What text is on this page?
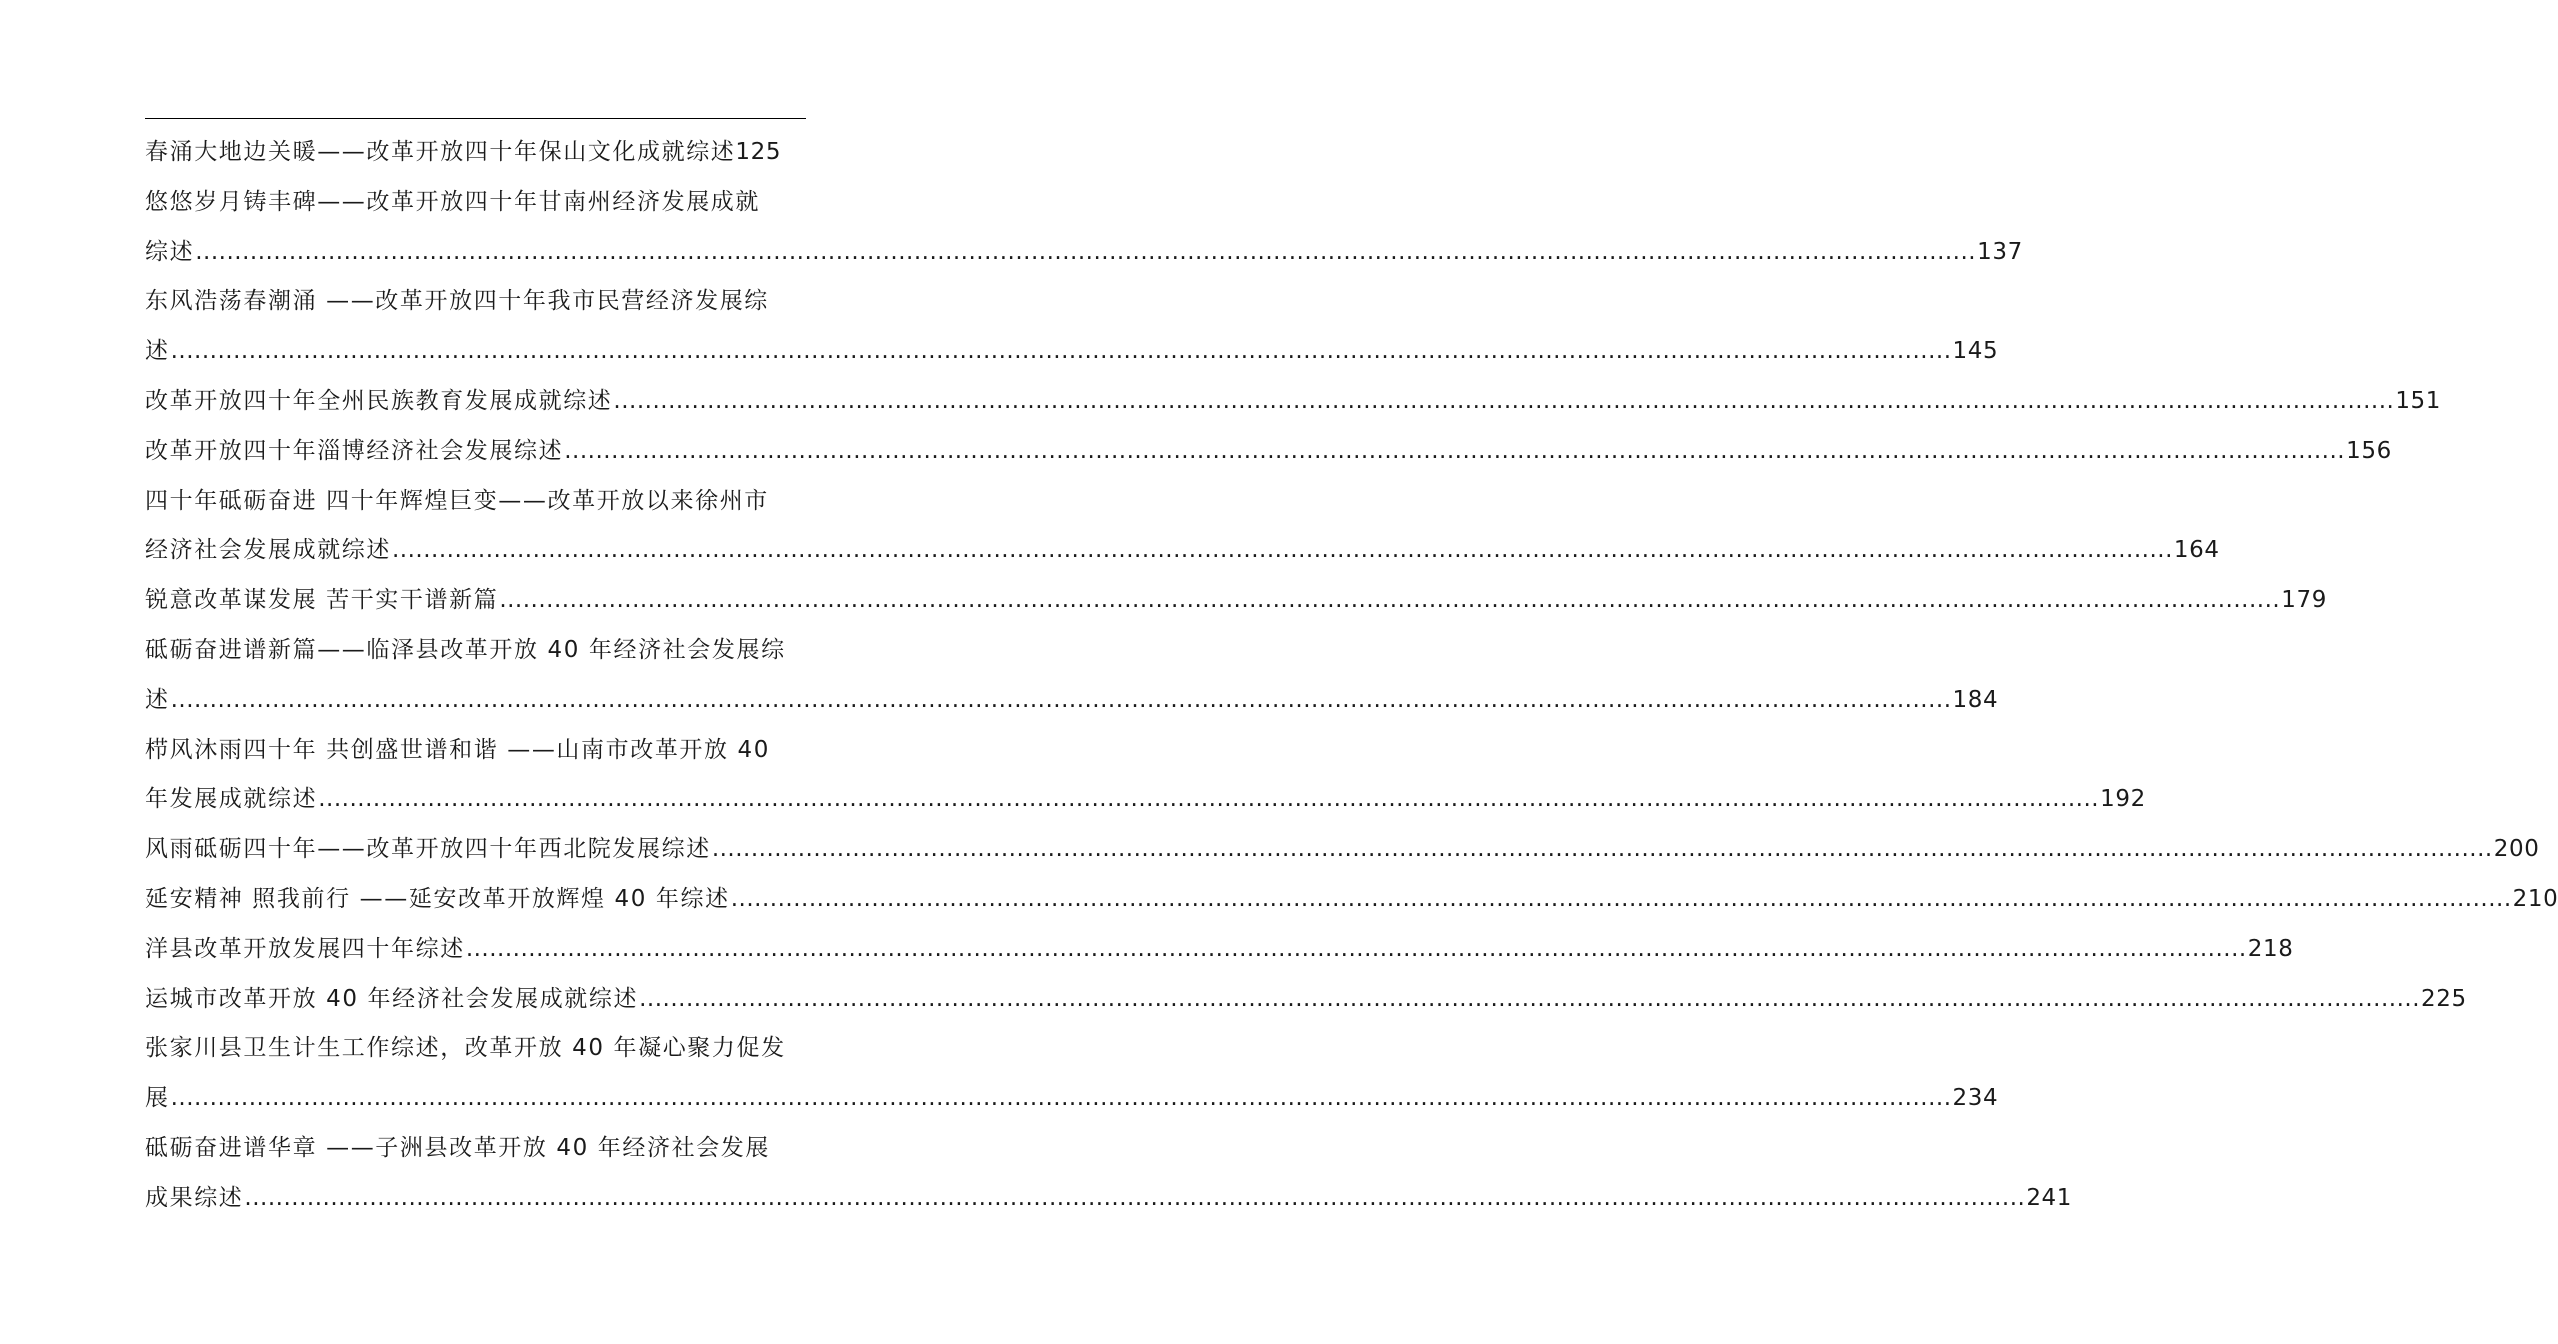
春涌大地边关暖——改革开放四十年保山文化成就综述 125
悠悠岁月铸丰碑——改革开放四十年甘南州经济发展成就
综述 .....	137
东风浩荡春潮涌 ——改革开放四十年我市民营经济发展综
述 .....	145
改革开放四十年全州民族教育发展成就综述 .....	151
改革开放四十年淄博经济社会发展综述 .....	156
四十年砥砺奋进 四十年辉煌巨变——改革开放以来徐州市
经济社会发展成就综述 .....	164
锐意改革谋发展 苦干实干谱新篇 .....	179
砥砺奋进谱新篇——临泽县改革开放 40 年经济社会发展综
述 .....	184
栉风沐雨四十年 共创盛世谱和谐 ——山南市改革开放 40
年发展成就综述 .....	192
风雨砥砺四十年——改革开放四十年西北院发展综述 .....	200
延安精神 照我前行 ——延安改革开放辉煌 40 年综述 .....	210
洋县改革开放发展四十年综述 .....	218
运城市改革开放 40 年经济社会发展成就综述 .....	225
张家川县卫生计生工作综述，改革开放 40 年凝心聚力促发
展 .....	234
砥砺奋进谱华章 ——子洲县改革开放 40 年经济社会发展
成果综述 .....	241
